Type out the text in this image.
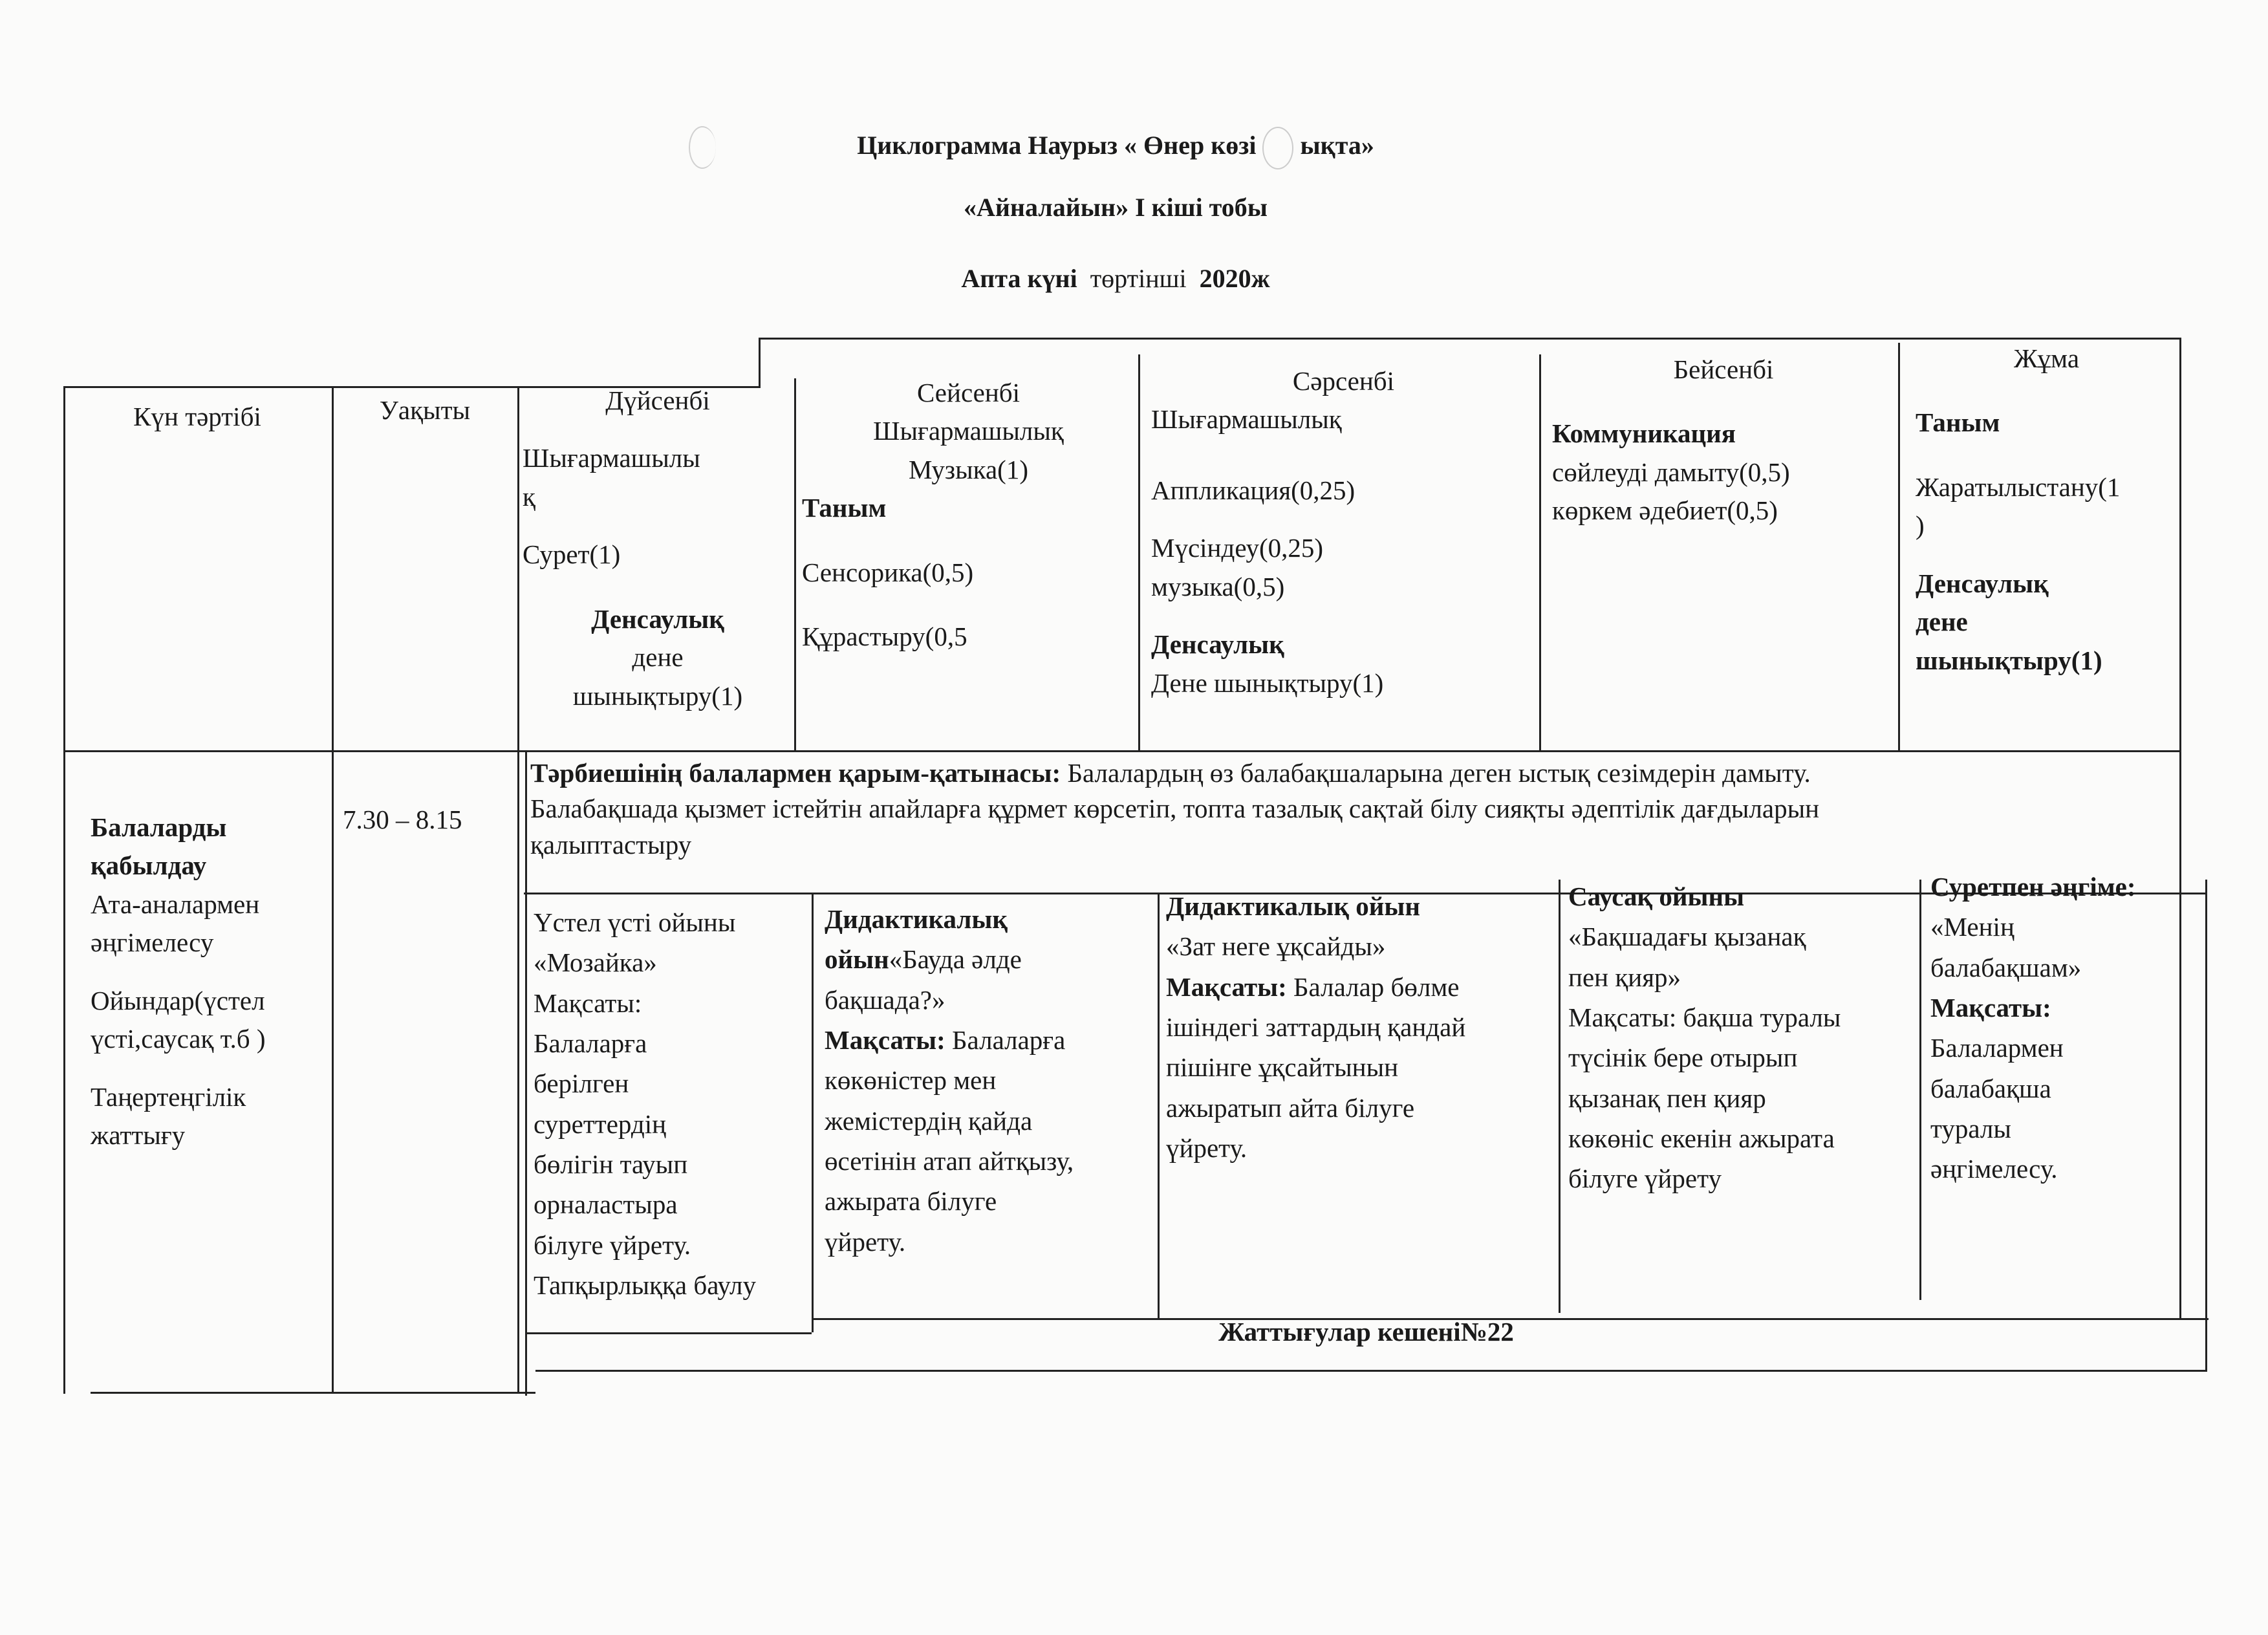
Циклограмма Наурыз « Өнер көзі ықта»
«Айналайын» I кіші тобы
Апта күні төртінші 2020ж
Күн тәртібі	Уақыты	Дүйсенбі
Шығармашылы
қ
Сурет(1)
Денсаулық
дене
шынықтыру(1)
Сейсенбі
Шығармашылық
Музыка(1)
Таным
Сенсорика(0,5)
Құрастыру(0,5
Сәрсенбі
Шығармашылық
Аппликация(0,25)
Мүсіндеу(0,25)
музыка(0,5)
Денсаулық
Дене шынықтыру(1)
Бейсенбі
Коммуникация
сөйлеуді дамыту(0,5)
көркем әдебиет(0,5)
Жұма
Таным
Жаратылыстану(1
)
Денсаулық
дене
шынықтыру(1)
Балаларды
қабылдау
Ата-аналармен
әңгімелесу
Ойындар(үстел
үсті,саусақ т.б )
Таңертеңгілік
жаттығу
7.30 – 8.15
Тәрбиешінің балалармен қарым-қатынасы: Балалардың өз балабақшаларына деген ыстық сезімдерін дамыту.
Балабақшада қызмет істейтін апайларға құрмет көрсетіп, топта тазалық сақтай білу сияқты әдептілік дағдыларын
қалыптастыру
Үстел үсті ойыны
«Мозайка»
Мақсаты:
Балаларға
берілген
суреттердің
бөлігін тауып
орналастыра
білуге үйрету.
Тапқырлыққа баулу
Дидактикалық
ойын«Бауда әлде
бақшада?»
Мақсаты: Балаларға
көкөністер мен
жемістердің қайда
өсетінін атап айтқызу,
ажырата білуге
үйрету.
Дидактикалық ойын
«Зат неге ұқсайды»
Мақсаты: Балалар бөлме
ішіндегі заттардың қандай
пішінге ұқсайтынын
ажыратып айта білуге
үйрету.
Саусақ ойыны
«Бақшадағы қызанақ
пен қияр»
Мақсаты: бақша туралы
түсінік бере отырып
қызанақ пен қияр
көкөніс екенін ажырата
білуге үйрету
Суретпен әңгіме:
«Менің
балабақшам»
Мақсаты:
Балалармен
балабақша
туралы
әңгімелесу.
Жаттығулар кешені№22
